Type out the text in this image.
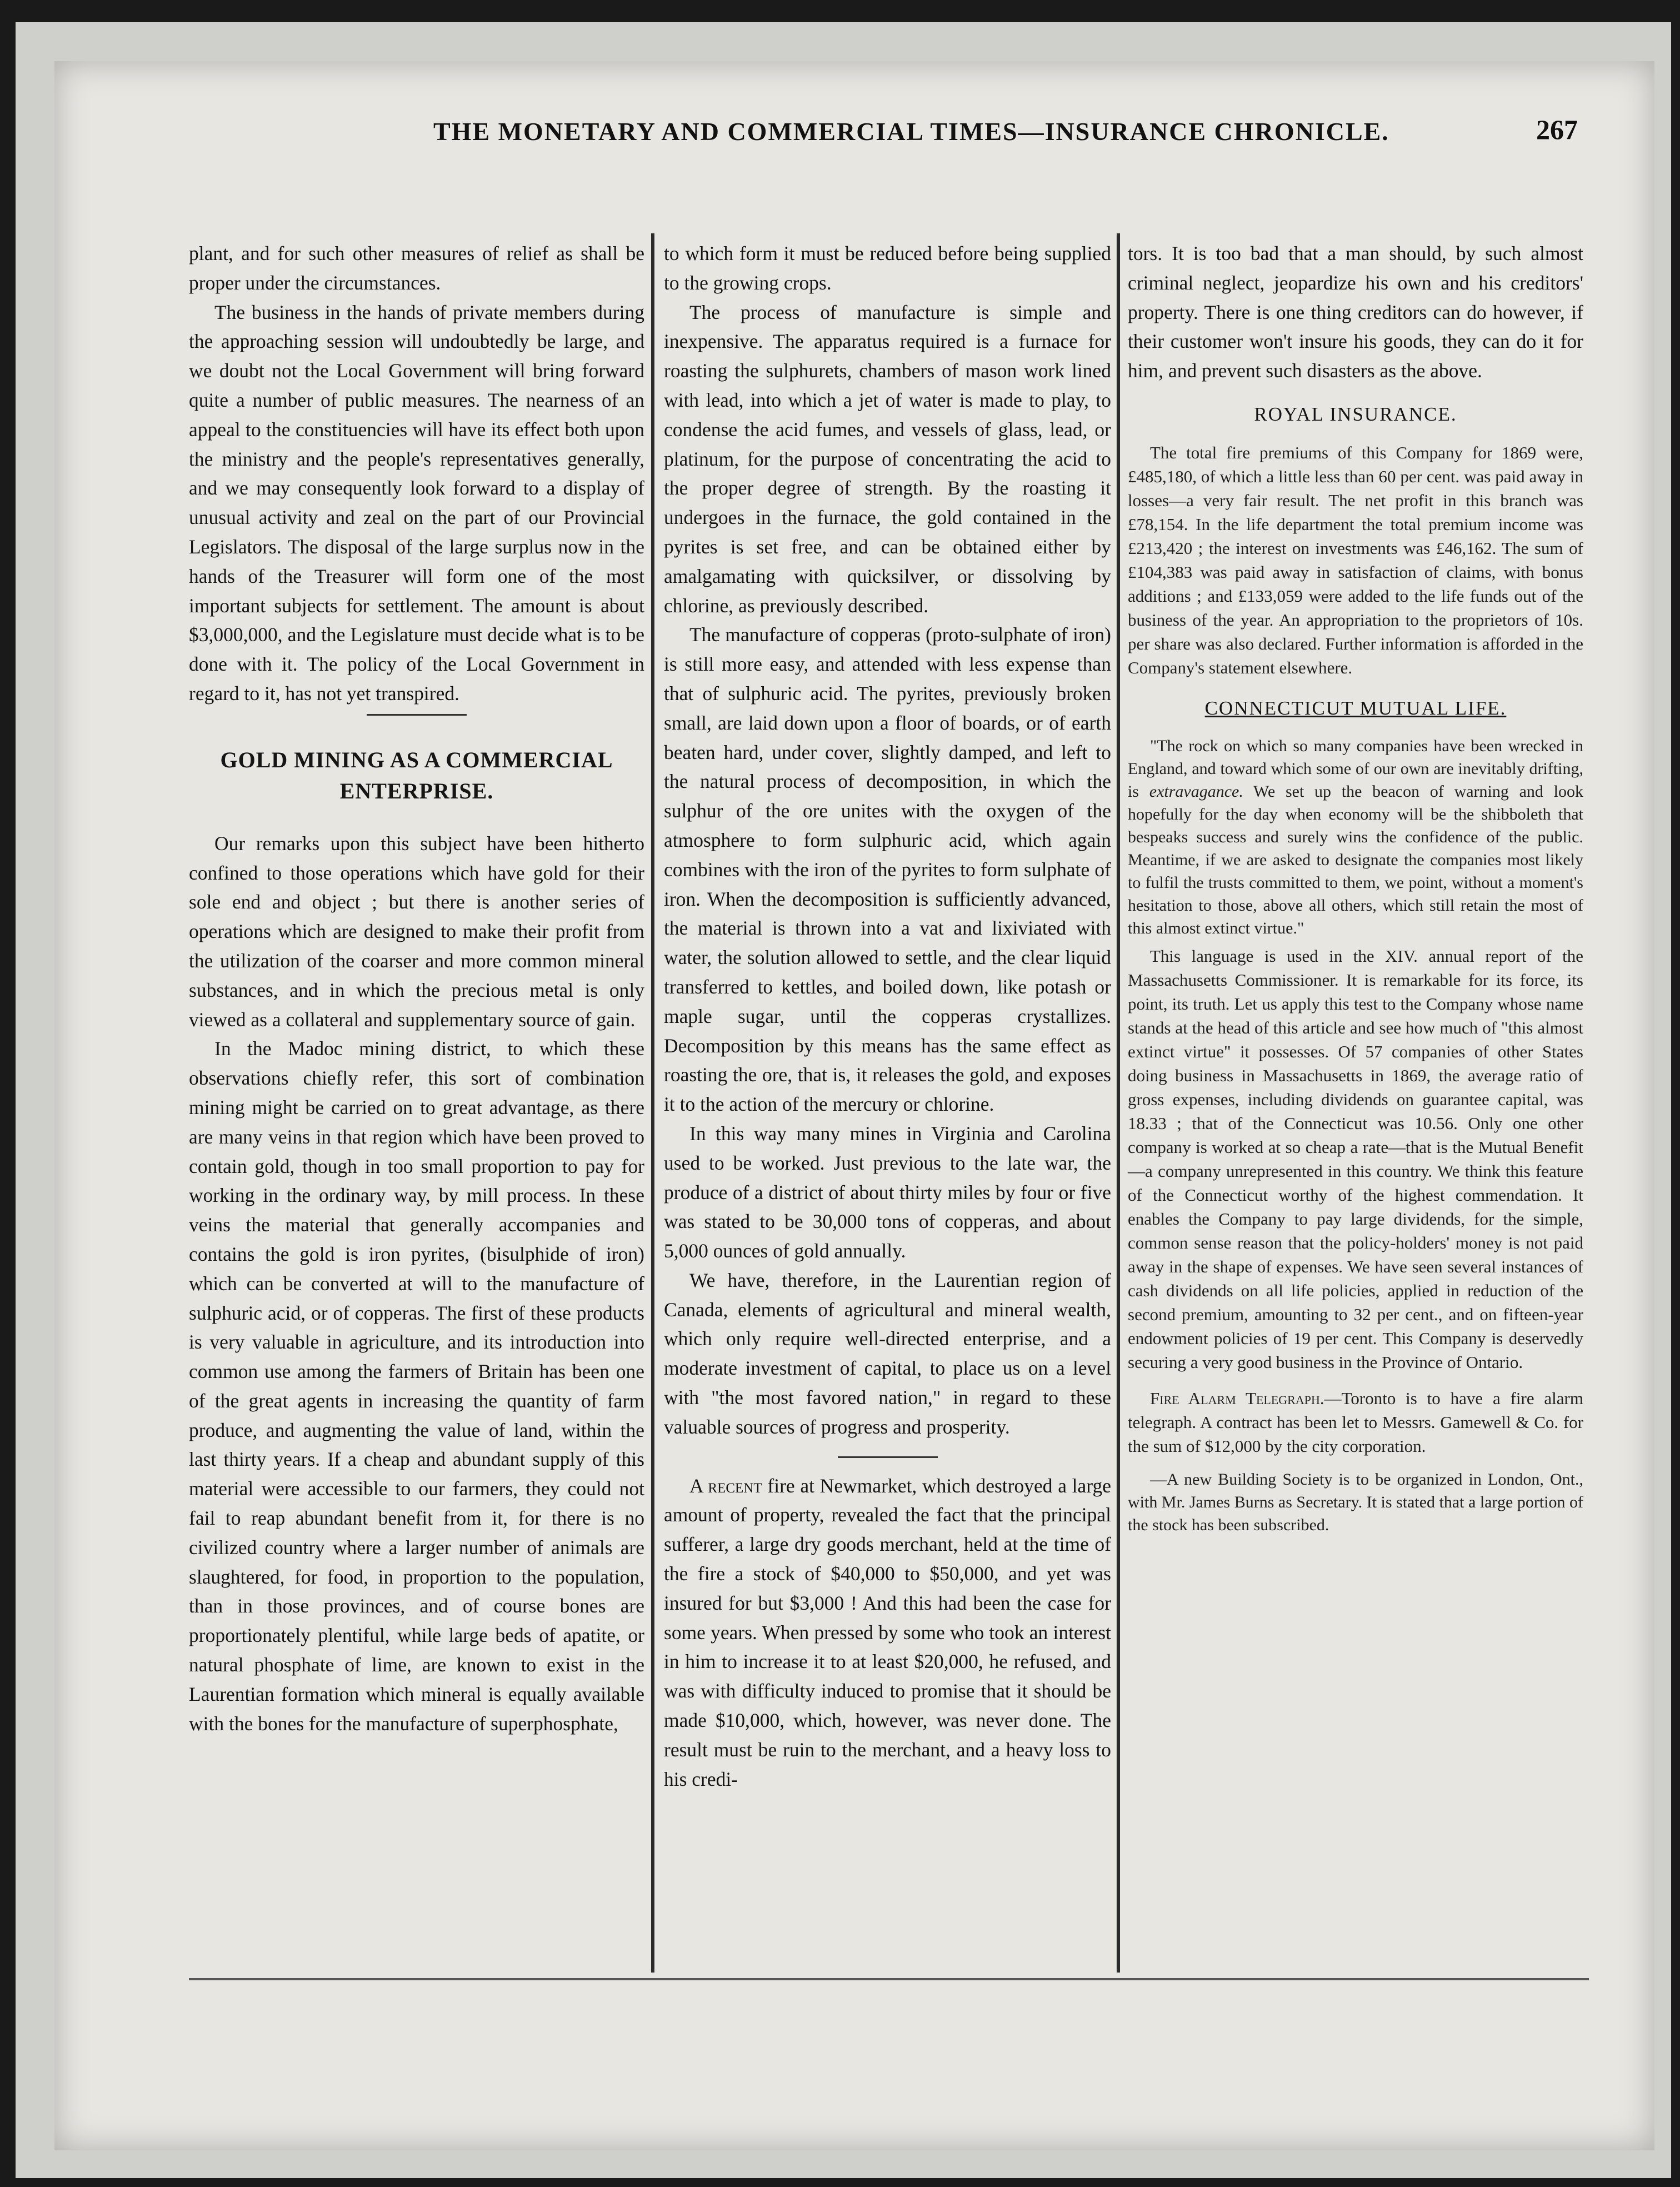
THE MONETARY AND COMMERCIAL TIMES—INSURANCE CHRONICLE.	267

plant, and for such other measures of relief as shall be proper under the circumstances.

The business in the hands of private members during the approaching session will undoubtedly be large, and we doubt not the Local Government will bring forward quite a number of public measures. The nearness of an appeal to the constituencies will have its effect both upon the ministry and the people's representatives generally, and we may consequently look forward to a display of unusual activity and zeal on the part of our Provincial Legislators. The disposal of the large surplus now in the hands of the Treasurer will form one of the most important subjects for settlement. The amount is about $3,000,000, and the Legislature must decide what is to be done with it. The policy of the Local Government in regard to it, has not yet transpired.

GOLD MINING AS A COMMERCIAL ENTERPRISE.

Our remarks upon this subject have been hitherto confined to those operations which have gold for their sole end and object ; but there is another series of operations which are designed to make their profit from the utilization of the coarser and more common mineral substances, and in which the precious metal is only viewed as a collateral and supplementary source of gain.

In the Madoc mining district, to which these observations chiefly refer, this sort of combination mining might be carried on to great advantage, as there are many veins in that region which have been proved to contain gold, though in too small proportion to pay for working in the ordinary way, by mill process. In these veins the material that generally accompanies and contains the gold is iron pyrites, (bisulphide of iron) which can be converted at will to the manufacture of sulphuric acid, or of copperas. The first of these products is very valuable in agriculture, and its introduction into common use among the farmers of Britain has been one of the great agents in increasing the quantity of farm produce, and augmenting the value of land, within the last thirty years. If a cheap and abundant supply of this material were accessible to our farmers, they could not fail to reap abundant benefit from it, for there is no civilized country where a larger number of animals are slaughtered, for food, in proportion to the population, than in those provinces, and of course bones are proportionately plentiful, while large beds of apatite, or natural phosphate of lime, are known to exist in the Laurentian formation which mineral is equally available with the bones for the manufacture of superphosphate,

to which form it must be reduced before being supplied to the growing crops.

The process of manufacture is simple and inexpensive. The apparatus required is a furnace for roasting the sulphurets, chambers of mason work lined with lead, into which a jet of water is made to play, to condense the acid fumes, and vessels of glass, lead, or platinum, for the purpose of concentrating the acid to the proper degree of strength. By the roasting it undergoes in the furnace, the gold contained in the pyrites is set free, and can be obtained either by amalgamating with quicksilver, or dissolving by chlorine, as previously described.

The manufacture of copperas (proto-sulphate of iron) is still more easy, and attended with less expense than that of sulphuric acid. The pyrites, previously broken small, are laid down upon a floor of boards, or of earth beaten hard, under cover, slightly damped, and left to the natural process of decomposition, in which the sulphur of the ore unites with the oxygen of the atmosphere to form sulphuric acid, which again combines with the iron of the pyrites to form sulphate of iron. When the decomposition is sufficiently advanced, the material is thrown into a vat and lixiviated with water, the solution allowed to settle, and the clear liquid transferred to kettles, and boiled down, like potash or maple sugar, until the copperas crystallizes. Decomposition by this means has the same effect as roasting the ore, that is, it releases the gold, and exposes it to the action of the mercury or chlorine.

In this way many mines in Virginia and Carolina used to be worked. Just previous to the late war, the produce of a district of about thirty miles by four or five was stated to be 30,000 tons of copperas, and about 5,000 ounces of gold annually.

We have, therefore, in the Laurentian region of Canada, elements of agricultural and mineral wealth, which only require well-directed enterprise, and a moderate investment of capital, to place us on a level with "the most favored nation," in regard to these valuable sources of progress and prosperity.

A recent fire at Newmarket, which destroyed a large amount of property, revealed the fact that the principal sufferer, a large dry goods merchant, held at the time of the fire a stock of $40,000 to $50,000, and yet was insured for but $3,000 ! And this had been the case for some years. When pressed by some who took an interest in him to increase it to at least $20,000, he refused, and was with difficulty induced to promise that it should be made $10,000, which, however, was never done. The result must be ruin to the merchant, and a heavy loss to his credi-

tors. It is too bad that a man should, by such almost criminal neglect, jeopardize his own and his creditors' property. There is one thing creditors can do however, if their customer won't insure his goods, they can do it for him, and prevent such disasters as the above.

ROYAL INSURANCE.

The total fire premiums of this Company for 1869 were, £485,180, of which a little less than 60 per cent. was paid away in losses—a very fair result. The net profit in this branch was £78,154. In the life department the total premium income was £213,420 ; the interest on investments was £46,162. The sum of £104,383 was paid away in satisfaction of claims, with bonus additions ; and £133,059 were added to the life funds out of the business of the year. An appropriation to the proprietors of 10s. per share was also declared. Further information is afforded in the Company's statement elsewhere.

CONNECTICUT MUTUAL LIFE.

"The rock on which so many companies have been wrecked in England, and toward which some of our own are inevitably drifting, is extravagance. We set up the beacon of warning and look hopefully for the day when economy will be the shibboleth that bespeaks success and surely wins the confidence of the public. Meantime, if we are asked to designate the companies most likely to fulfil the trusts committed to them, we point, without a moment's hesitation to those, above all others, which still retain the most of this almost extinct virtue."

This language is used in the XIV. annual report of the Massachusetts Commissioner. It is remarkable for its force, its point, its truth. Let us apply this test to the Company whose name stands at the head of this article and see how much of "this almost extinct virtue" it possesses. Of 57 companies of other States doing business in Massachusetts in 1869, the average ratio of gross expenses, including dividends on guarantee capital, was 18.33 ; that of the Connecticut was 10.56. Only one other company is worked at so cheap a rate—that is the Mutual Benefit—a company unrepresented in this country. We think this feature of the Connecticut worthy of the highest commendation. It enables the Company to pay large dividends, for the simple, common sense reason that the policy-holders' money is not paid away in the shape of expenses. We have seen several instances of cash dividends on all life policies, applied in reduction of the second premium, amounting to 32 per cent., and on fifteen-year endowment policies of 19 per cent. This Company is deservedly securing a very good business in the Province of Ontario.

Fire Alarm Telegraph.—Toronto is to have a fire alarm telegraph. A contract has been let to Messrs. Gamewell & Co. for the sum of $12,000 by the city corporation.

—A new Building Society is to be organized in London, Ont., with Mr. James Burns as Secretary. It is stated that a large portion of the stock has been subscribed.
